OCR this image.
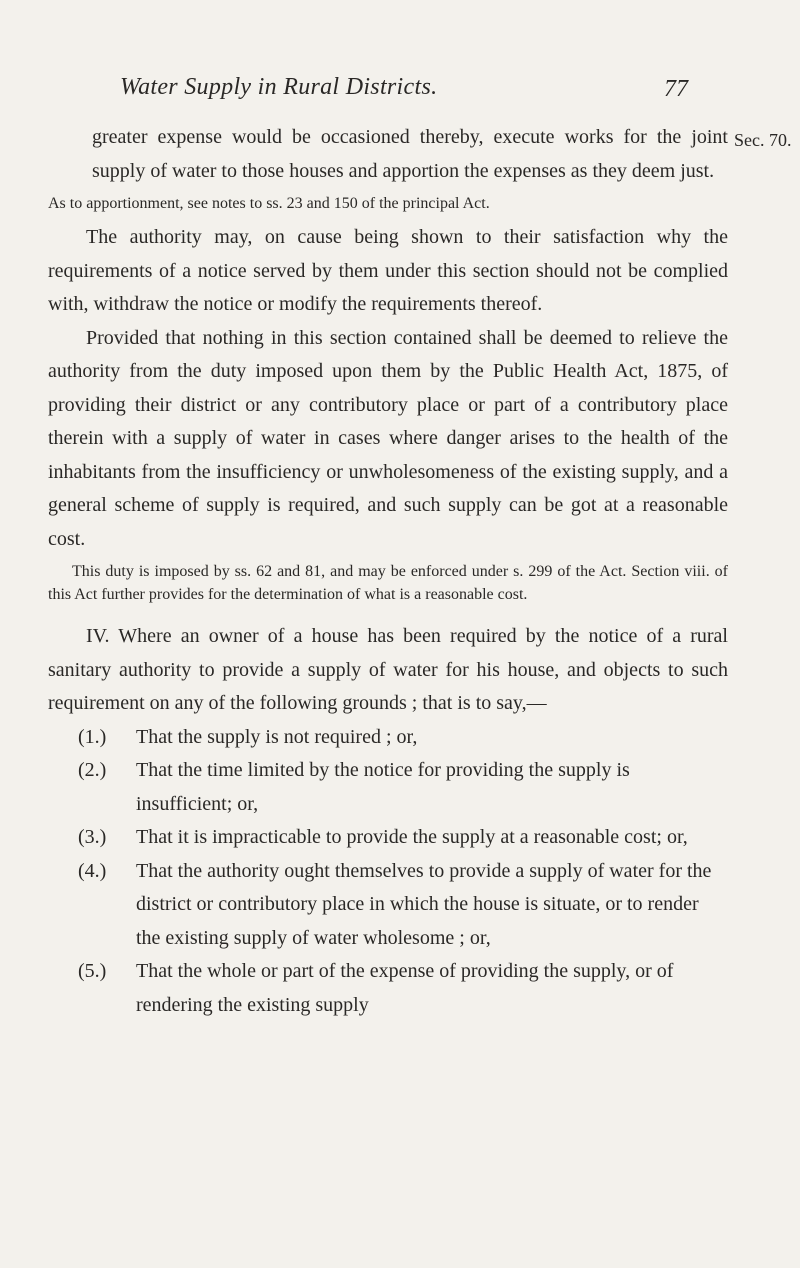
Water Supply in Rural Districts.	77
Sec. 70.

greater expense would be occasioned thereby, execute works for the joint supply of water to those houses and apportion the expenses as they deem just.

As to apportionment, see notes to ss. 23 and 150 of the principal Act.

The authority may, on cause being shown to their satisfaction why the requirements of a notice served by them under this section should not be complied with, withdraw the notice or modify the requirements thereof.

Provided that nothing in this section contained shall be deemed to relieve the authority from the duty imposed upon them by the Public Health Act, 1875, of providing their district or any contributory place or part of a contributory place therein with a supply of water in cases where danger arises to the health of the inhabitants from the insufficiency or unwholesomeness of the existing supply, and a general scheme of supply is required, and such supply can be got at a reasonable cost.

This duty is imposed by ss. 62 and 81, and may be enforced under s. 299 of the Act. Section viii. of this Act further provides for the determination of what is a reasonable cost.

IV. Where an owner of a house has been required by the notice of a rural sanitary authority to provide a supply of water for his house, and objects to such requirement on any of the following grounds ; that is to say,—

(1.)	That the supply is not required ; or,
(2.)	That the time limited by the notice for providing the supply is insufficient; or,
(3.)	That it is impracticable to provide the supply at a reasonable cost; or,
(4.)	That the authority ought themselves to provide a supply of water for the district or contributory place in which the house is situate, or to render the existing supply of water wholesome ; or,
(5.)	That the whole or part of the expense of providing the supply, or of rendering the existing supply
